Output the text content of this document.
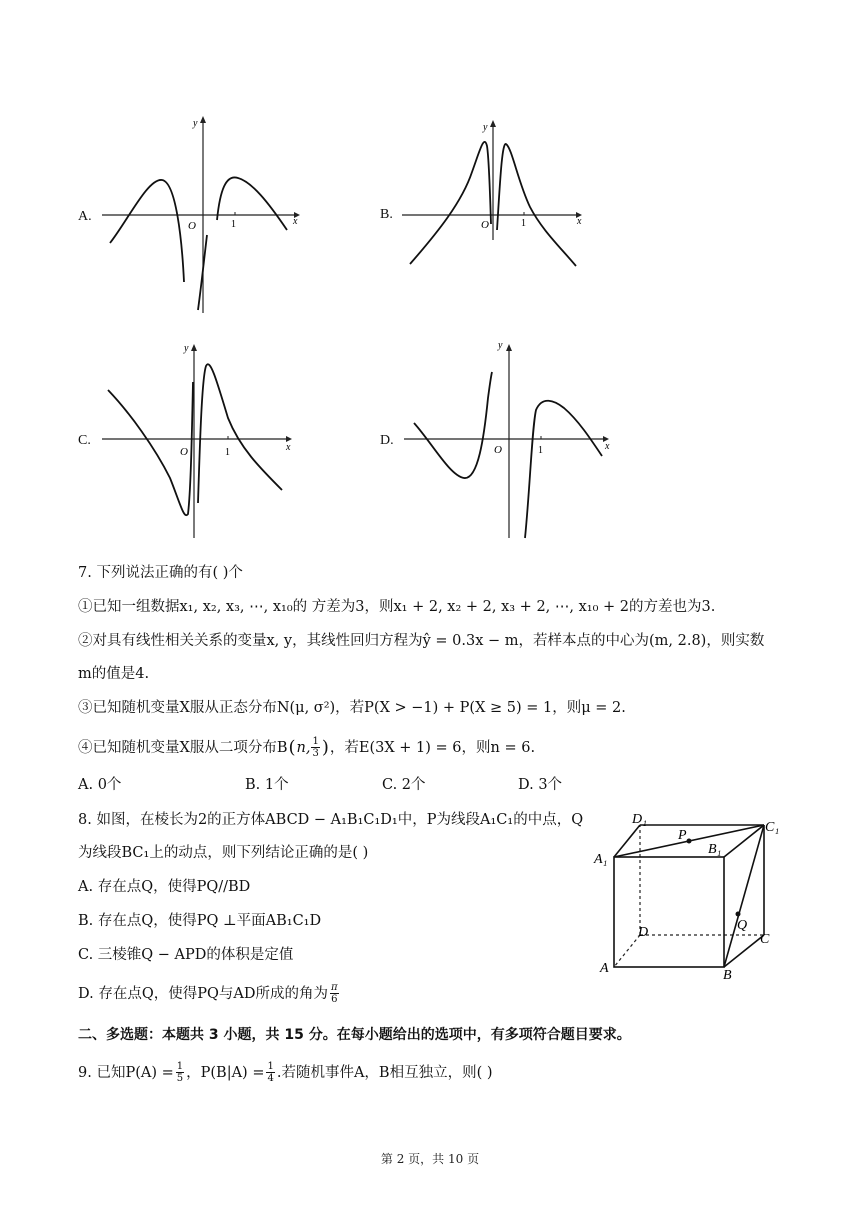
A.
y
x
O	1
B.
y
x
O	1
C.
y
x
O	1
D.
y
x
O	1
7. 下列说法正确的有( )个
①已知一组数据x₁, x₂, x₃, ⋯, x₁₀的 方差为3，则x₁ + 2, x₂ + 2, x₃ + 2, ⋯, x₁₀ + 2的方差也为3.
②对具有线性相关关系的变量x, y，其线性回归方程为ŷ = 0.3x − m，若样本点的中心为(m, 2.8)，则实数
m的值是4.
③已知随机变量X服从正态分布N(μ, σ²)，若P(X > −1) + P(X ≥ 5) = 1，则μ = 2.
④已知随机变量X服从二项分布B ( n, $\frac{1}{3}$ ) ，若E(3X + 1) = 6，则n = 6.
A. 0个	B. 1个	C. 2个	D. 3个
8. 如图，在棱长为2的正方体ABCD − A₁B₁C₁D₁中，P为线段A₁C₁的中点，Q
为线段BC₁上的动点，则下列结论正确的是( )
A. 存在点Q，使得PQ//BD
B. 存在点Q，使得PQ ⊥平面AB₁C₁D
C. 三棱锥Q − APD的体积是定值
D. 存在点Q，使得PQ与AD所成的角为 $\frac{\pi}{6}$
D₁
C₁
P
A₁
B₁
Q
D	C
A	B
二、多选题：本题共 3 小题，共 15 分。在每小题给出的选项中，有多项符合题目要求。
9. 已知$P(A) = \frac{1}{5}$ ，$P(B|A) = \frac{1}{4}$ .若随机事件A，B相互独立，则( )
第 2 页，共 10 页
